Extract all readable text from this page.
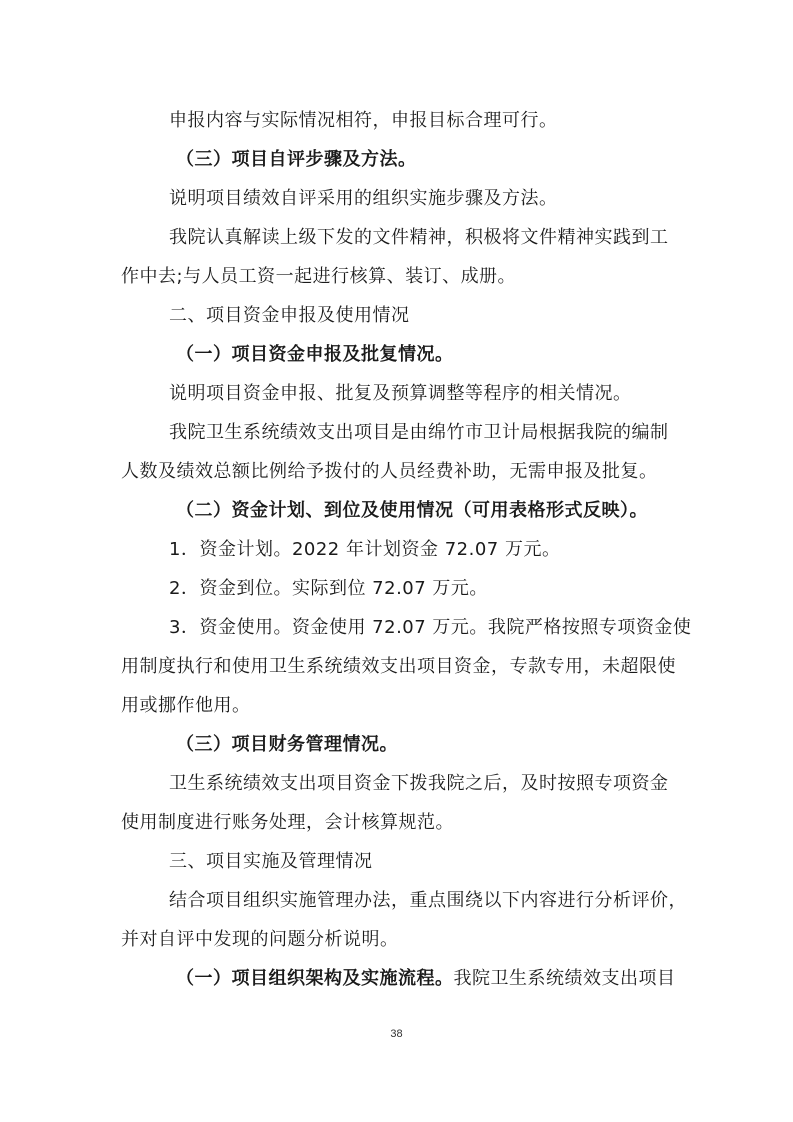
申报内容与实际情况相符，申报目标合理可行。
（三）项目自评步骤及方法。
说明项目绩效自评采用的组织实施步骤及方法。
我院认真解读上级下发的文件精神，积极将文件精神实践到工
作中去;与人员工资一起进行核算、装订、成册。
二、项目资金申报及使用情况
（一）项目资金申报及批复情况。
说明项目资金申报、批复及预算调整等程序的相关情况。
我院卫生系统绩效支出项目是由绵竹市卫计局根据我院的编制
人数及绩效总额比例给予拨付的人员经费补助，无需申报及批复。
（二）资金计划、到位及使用情况（可用表格形式反映）。
1．资金计划。2022 年计划资金 72.07 万元。
2．资金到位。实际到位 72.07 万元。
3．资金使用。资金使用 72.07 万元。我院严格按照专项资金使
用制度执行和使用卫生系统绩效支出项目资金，专款专用，未超限使
用或挪作他用。
（三）项目财务管理情况。
卫生系统绩效支出项目资金下拨我院之后，及时按照专项资金
使用制度进行账务处理，会计核算规范。
三、项目实施及管理情况
结合项目组织实施管理办法，重点围绕以下内容进行分析评价，
并对自评中发现的问题分析说明。
（一）项目组织架构及实施流程。我院卫生系统绩效支出项目
38
